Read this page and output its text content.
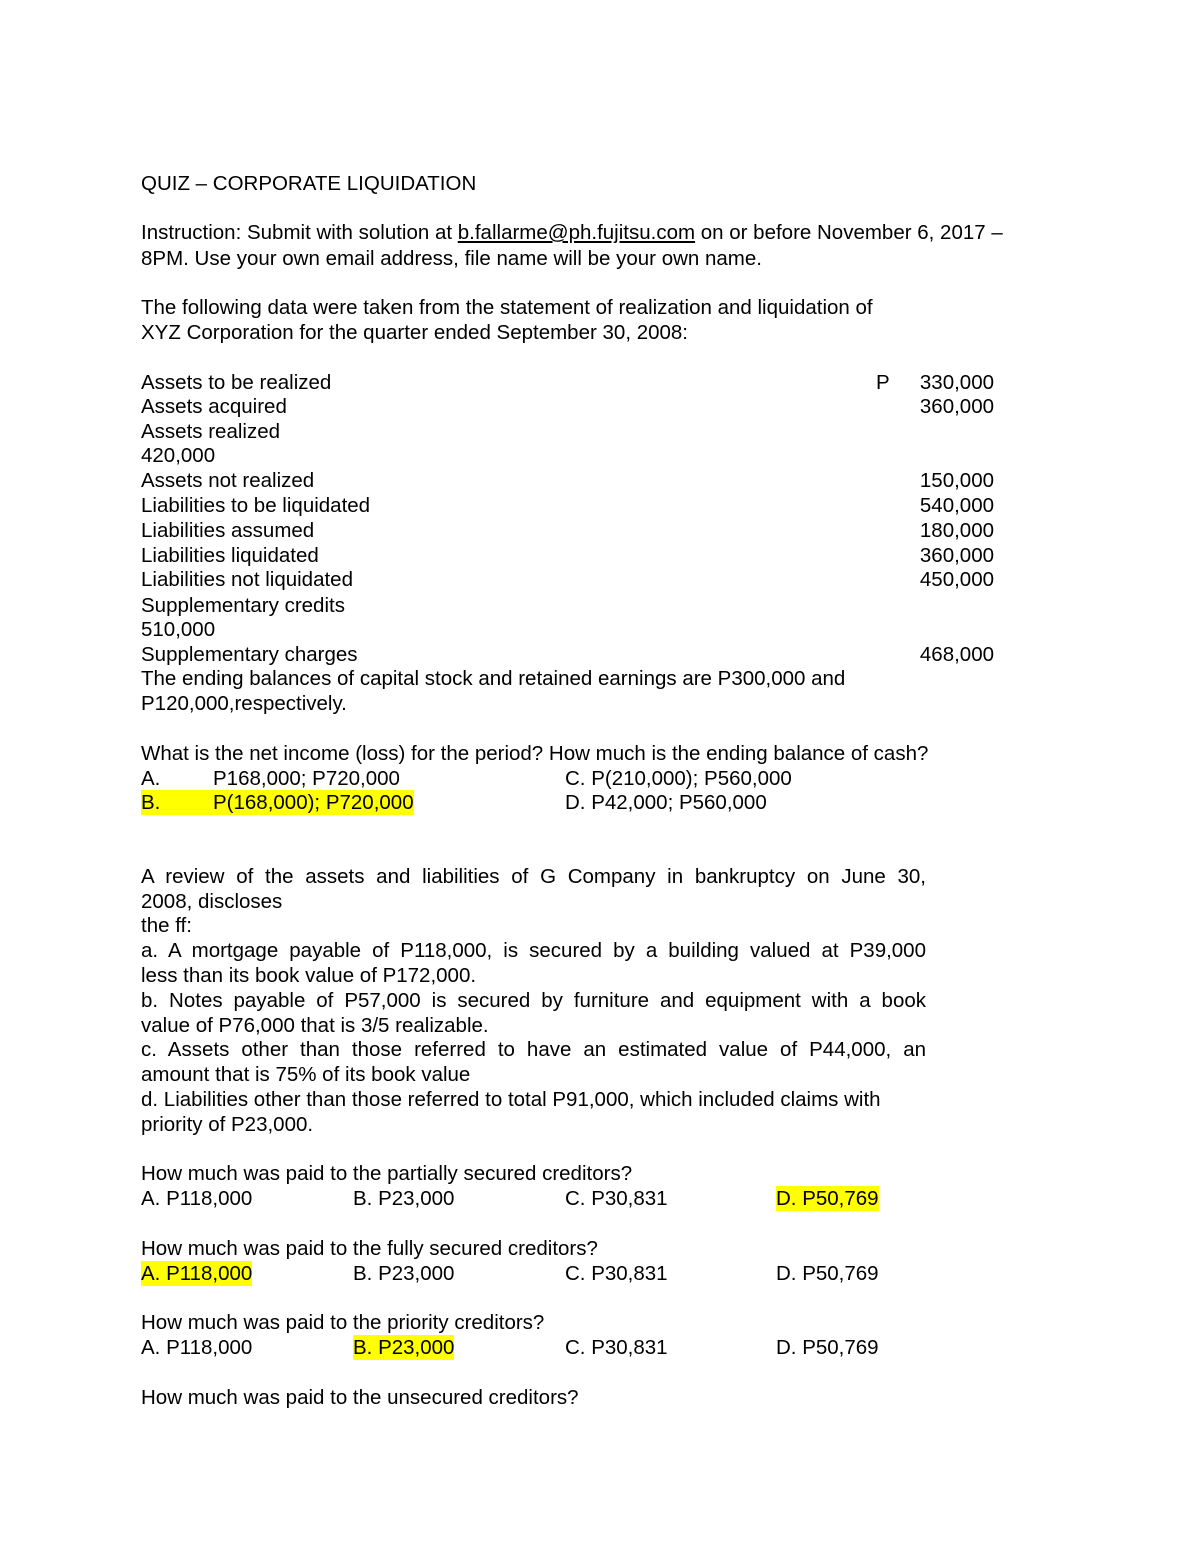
QUIZ – CORPORATE LIQUIDATION

Instruction: Submit with solution at b.fallarme@ph.fujitsu.com on or before November 6, 2017 –

8PM. Use your own email address, file name will be your own name.

The following data were taken from the statement of realization and liquidation of

XYZ Corporation for the quarter ended September 30, 2008:

P

Assets to be realized	330,000

Assets acquired	360,000

Assets realized

420,000

Assets not realized	150,000

Liabilities to be liquidated	540,000

Liabilities assumed	180,000

Liabilities liquidated	360,000

Liabilities not liquidated	450,000

Supplementary credits

510,000

Supplementary charges	468,000

The ending balances of capital stock and retained earnings are P300,000 and

P120,000,respectively.

What is the net income (loss) for the period? How much is the ending balance of cash?

A.	P168,000; P720,000	C. P(210,000); P560,000
B.	P(168,000); P720,000	D. P42,000; P560,000

A review of the assets and liabilities of G Company in bankruptcy on June 30,

2008, discloses

the ff:

a. A mortgage payable of P118,000, is secured by a building valued at P39,000

less than its book value of P172,000.

b. Notes payable of P57,000 is secured by furniture and equipment with a book

value of P76,000 that is 3/5 realizable.

c. Assets other than those referred to have an estimated value of P44,000, an

amount that is 75% of its book value

d. Liabilities other than those referred to total P91,000, which included claims with

priority of P23,000.

How much was paid to the partially secured creditors?

A. P118,000	B. P23,000	C. P30,831	D. P50,769

How much was paid to the fully secured creditors?

A. P118,000	B. P23,000	C. P30,831	D. P50,769

How much was paid to the priority creditors?

A. P118,000	B. P23,000	C. P30,831	D. P50,769

How much was paid to the unsecured creditors?
